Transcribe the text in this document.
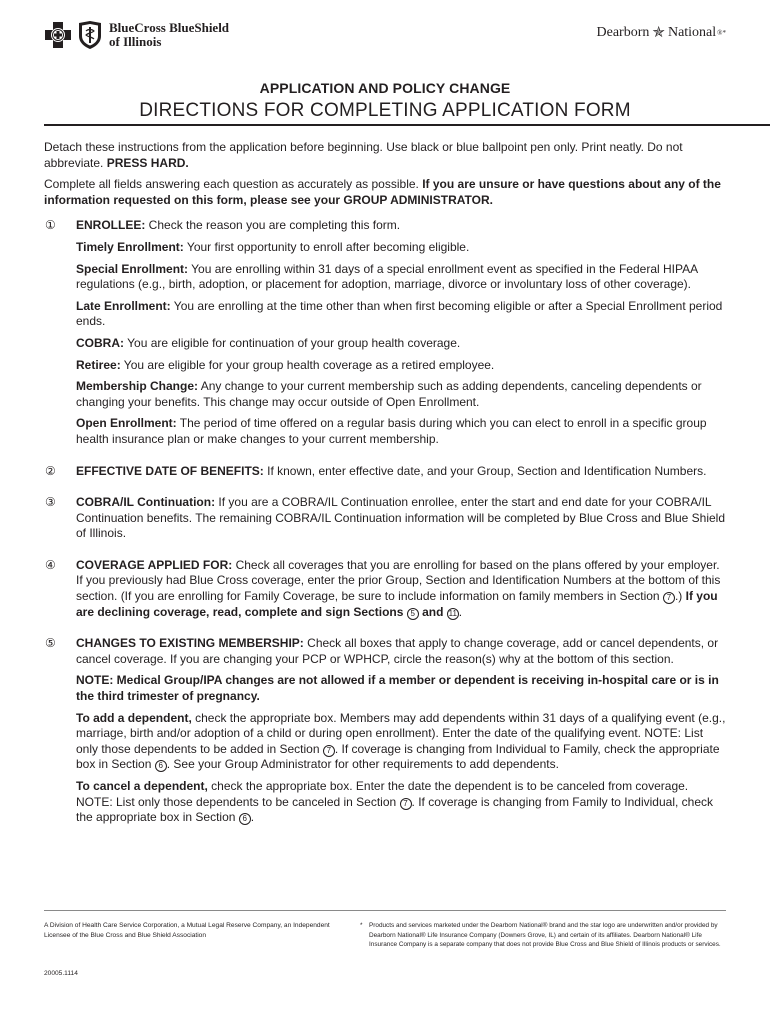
BlueCross BlueShield
of Illinois
Dearborn ✯ National ®*
APPLICATION AND POLICY CHANGE
DIRECTIONS FOR COMPLETING APPLICATION FORM

Detach these instructions from the application before beginning. Use black or blue ballpoint pen only. Print neatly. Do not abbreviate. PRESS HARD.

Complete all fields answering each question as accurately as possible. If you are unsure or have questions about any of the information requested on this form, please see your GROUP ADMINISTRATOR.

①	ENROLLEE: Check the reason you are completing this form.

Timely Enrollment: Your first opportunity to enroll after becoming eligible.

Special Enrollment: You are enrolling within 31 days of a special enrollment event as specified in the Federal HIPAA regulations (e.g., birth, adoption, or placement for adoption, marriage, divorce or involuntary loss of other coverage).

Late Enrollment: You are enrolling at the time other than when first becoming eligible or after a Special Enrollment period ends.

COBRA: You are eligible for continuation of your group health coverage.

Retiree: You are eligible for your group health coverage as a retired employee.

Membership Change: Any change to your current membership such as adding dependents, canceling dependents or changing your benefits. This change may occur outside of Open Enrollment.

Open Enrollment: The period of time offered on a regular basis during which you can elect to enroll in a specific group health insurance plan or make changes to your current membership.

②	EFFECTIVE DATE OF BENEFITS: If known, enter effective date, and your Group, Section and Identification Numbers.

③	COBRA/IL Continuation: If you are a COBRA/IL Continuation enrollee, enter the start and end date for your COBRA/IL Continuation benefits. The remaining COBRA/IL Continuation information will be completed by Blue Cross and Blue Shield of Illinois.

④	COVERAGE APPLIED FOR: Check all coverages that you are enrolling for based on the plans offered by your employer. If you previously had Blue Cross coverage, enter the prior Group, Section and Identification Numbers at the bottom of this section. (If you are enrolling for Family Coverage, be sure to include information on family members in Section 7 .) If you are declining coverage, read, complete and sign Sections 5 and 11 .

⑤	CHANGES TO EXISTING MEMBERSHIP: Check all boxes that apply to change coverage, add or cancel dependents, or cancel coverage. If you are changing your PCP or WPHCP, circle the reason(s) why at the bottom of this section.

NOTE: Medical Group/IPA changes are not allowed if a member or dependent is receiving in-hospital care or is in the third trimester of pregnancy.

To add a dependent, check the appropriate box. Members may add dependents within 31 days of a qualifying event (e.g., marriage, birth and/or adoption of a child or during open enrollment). Enter the date of the qualifying event. NOTE: List only those dependents to be added in Section 7 . If coverage is changing from Individual to Family, check the appropriate box in Section 6 . See your Group Administrator for other requirements to add dependents.

To cancel a dependent, check the appropriate box. Enter the date the dependent is to be canceled from coverage. NOTE: List only those dependents to be canceled in Section 7 . If coverage is changing from Family to Individual, check the appropriate box in Section 6 .

A Division of Health Care Service Corporation, a Mutual Legal Reserve Company, an Independent Licensee of the Blue Cross and Blue Shield Association
*	Products and services marketed under the Dearborn National® brand and the star logo are underwritten and/or provided by Dearborn National® Life Insurance Company (Downers Grove, IL) and certain of its affiliates. Dearborn National® Life Insurance Company is a separate company that does not provide Blue Cross and Blue Shield of Illinois products or services.
20005.1114
